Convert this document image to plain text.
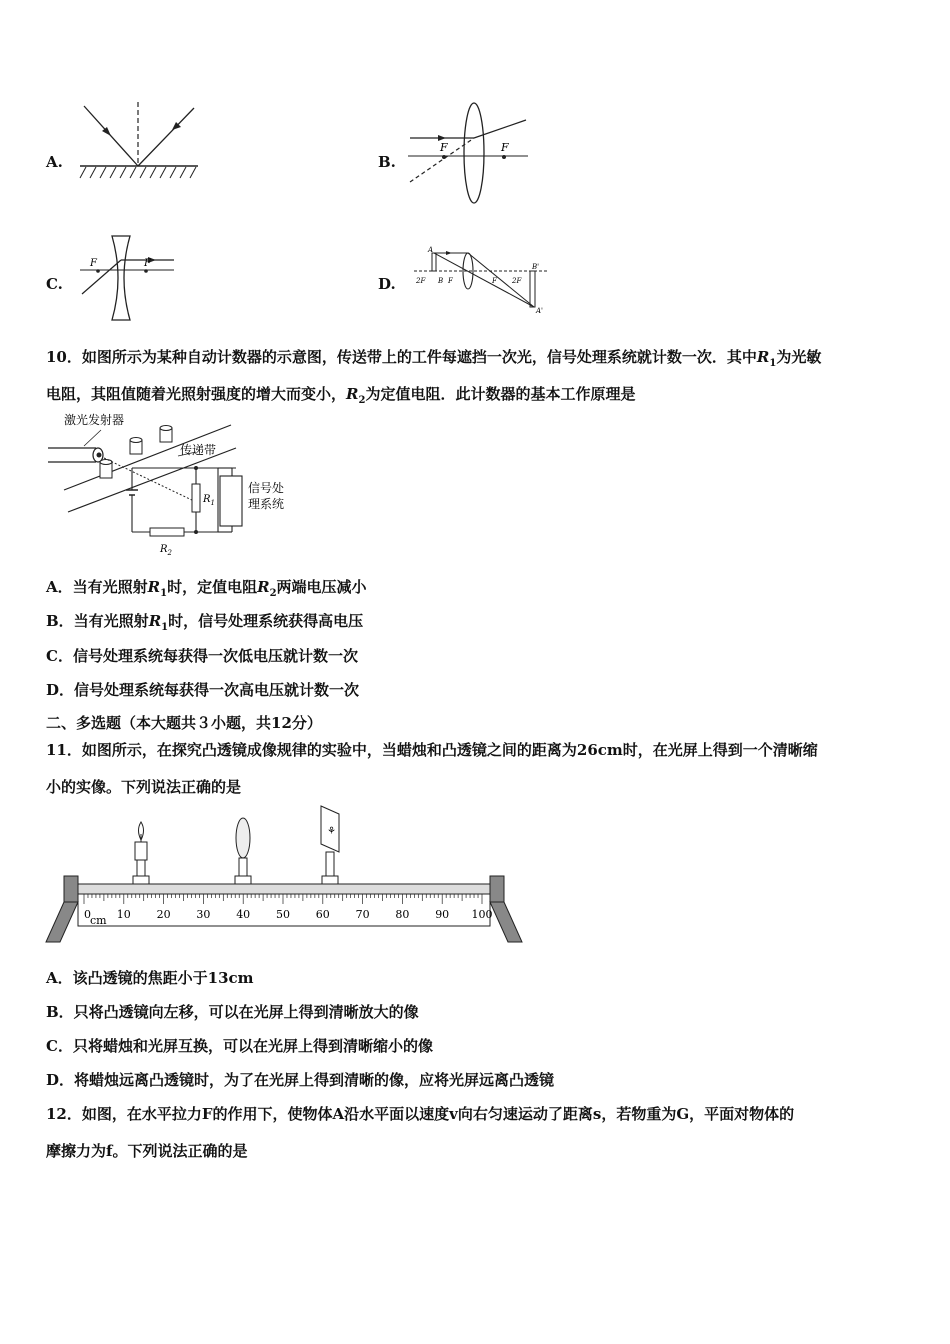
A.	B.
F	F
C.
F	F
D.
A
B
2F	F	F 2F
B'
A'
10．如图所示为某种自动计数器的示意图，传送带上的工件每遮挡一次光，信号处理系统就计数一次．其中$R_1$为光敏
电阻，其阻值随着光照射强度的增大而变小，$R_2$为定值电阻．此计数器的基本工作原理是
激光发射器
传递带
信号处
理系统
$R_1$
$R_2$
A．当有光照射$R_1$时，定值电阻$R_2$两端电压减小
B．当有光照射$R_1$时，信号处理系统获得高电压
C．信号处理系统每获得一次低电压就计数一次
D．信号处理系统每获得一次高电压就计数一次
二、多选题（本大题共３小题，共12分）
11．如图所示，在探究凸透镜成像规律的实验中，当蜡烛和凸透镜之间的距离为26cm时，在光屏上得到一个清晰缩
小的实像。下列说法正确的是
⚘
0 10 20 30 40 50 60 70 80 90 100
cm
A．该凸透镜的焦距小于13cm
B．只将凸透镜向左移，可以在光屏上得到清晰放大的像
C．只将蜡烛和光屏互换，可以在光屏上得到清晰缩小的像
D．将蜡烛远离凸透镜时，为了在光屏上得到清晰的像，应将光屏远离凸透镜
12．如图，在水平拉力F的作用下，使物体A沿水平面以速度v向右匀速运动了距离s，若物重为G，平面对物体的
摩擦力为f。下列说法正确的是
